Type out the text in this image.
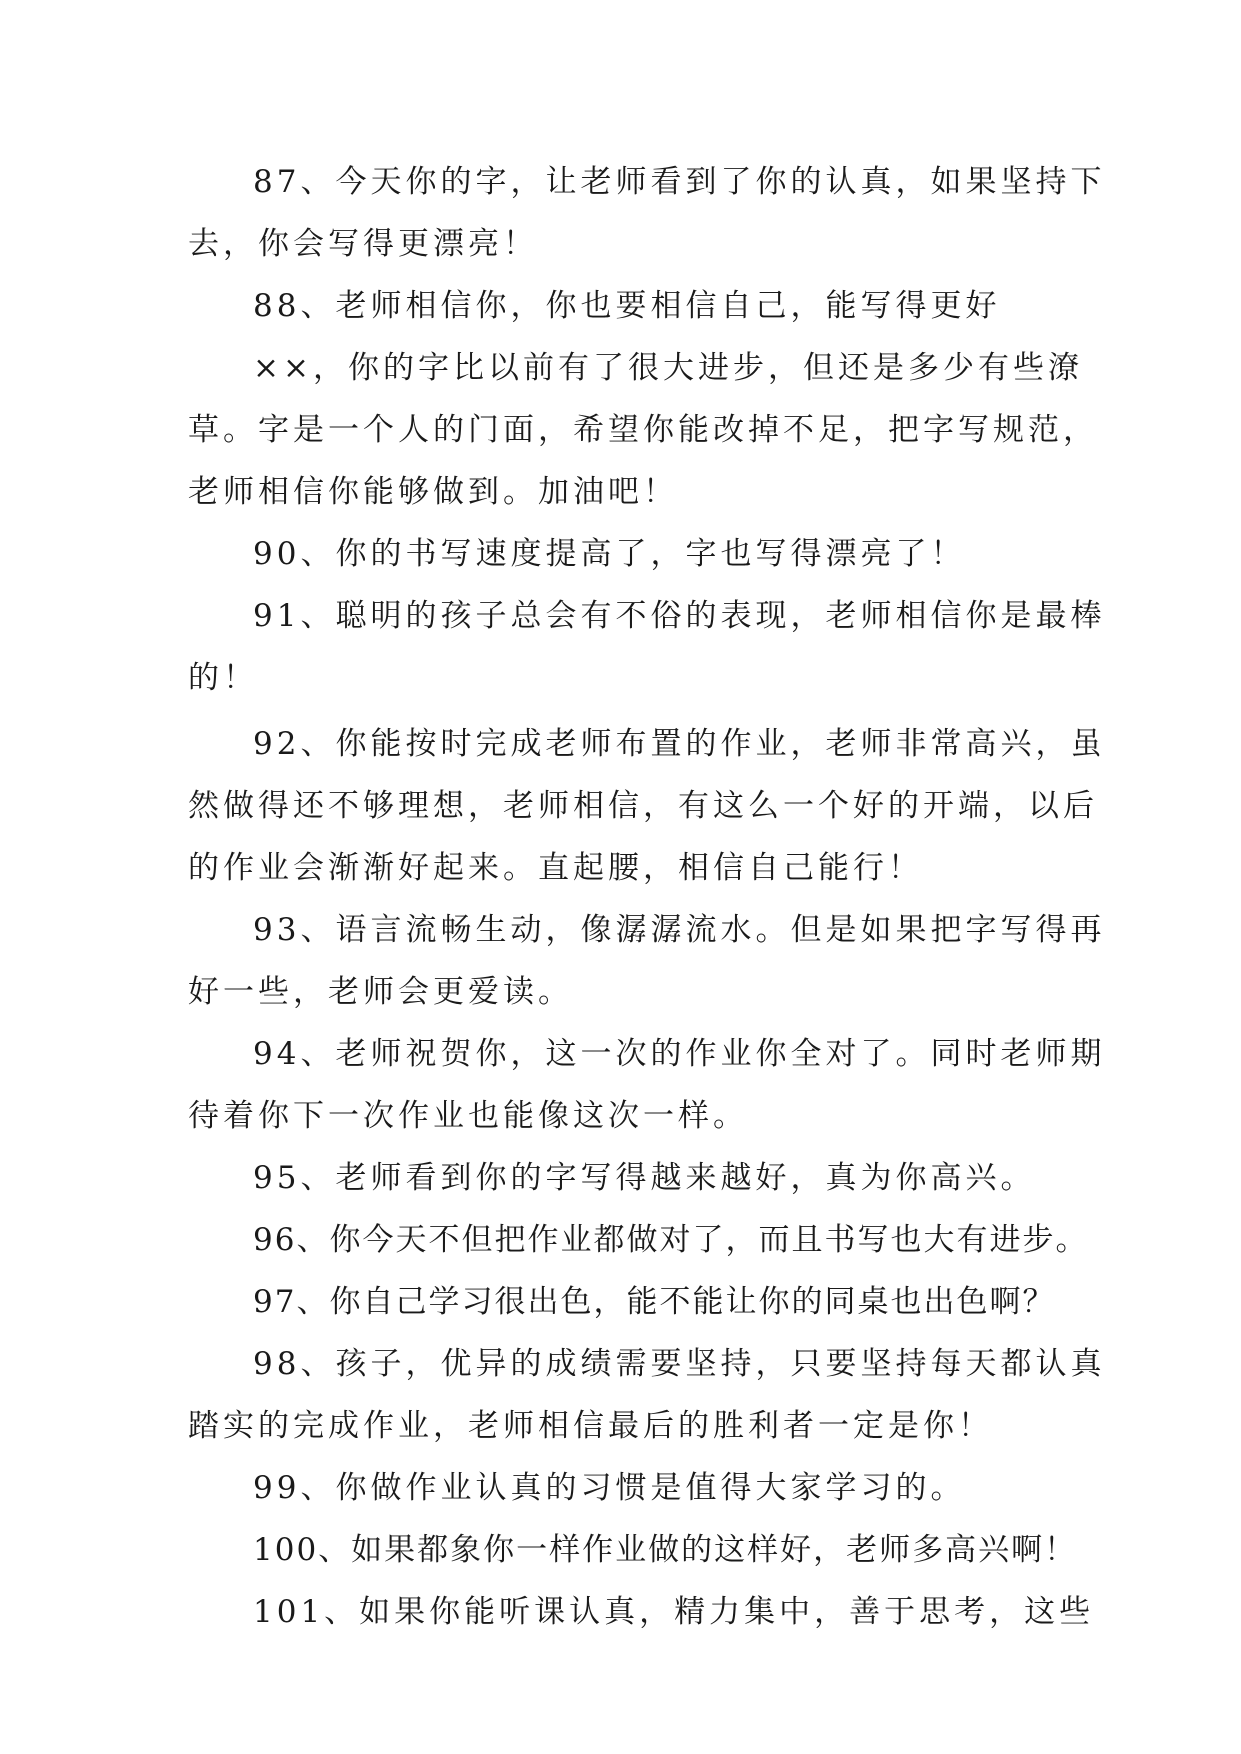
87、今天你的字，让老师看到了你的认真，如果坚持下
去，你会写得更漂亮！
88、老师相信你，你也要相信自己，能写得更好
××，你的字比以前有了很大进步，但还是多少有些潦
草。字是一个人的门面，希望你能改掉不足，把字写规范，
老师相信你能够做到。加油吧！
90、你的书写速度提高了，字也写得漂亮了！
91、聪明的孩子总会有不俗的表现，老师相信你是最棒
的！
92、你能按时完成老师布置的作业，老师非常高兴，虽
然做得还不够理想，老师相信，有这么一个好的开端，以后
的作业会渐渐好起来。直起腰，相信自己能行！
93、语言流畅生动，像潺潺流水。但是如果把字写得再
好一些，老师会更爱读。
94、老师祝贺你，这一次的作业你全对了。同时老师期
待着你下一次作业也能像这次一样。
95、老师看到你的字写得越来越好，真为你高兴。
96、你今天不但把作业都做对了，而且书写也大有进步。
97、你自己学习很出色，能不能让你的同桌也出色啊？
98、孩子，优异的成绩需要坚持，只要坚持每天都认真
踏实的完成作业，老师相信最后的胜利者一定是你！
99、你做作业认真的习惯是值得大家学习的。
100、如果都象你一样作业做的这样好，老师多高兴啊！
101、如果你能听课认真，精力集中，善于思考，这些
